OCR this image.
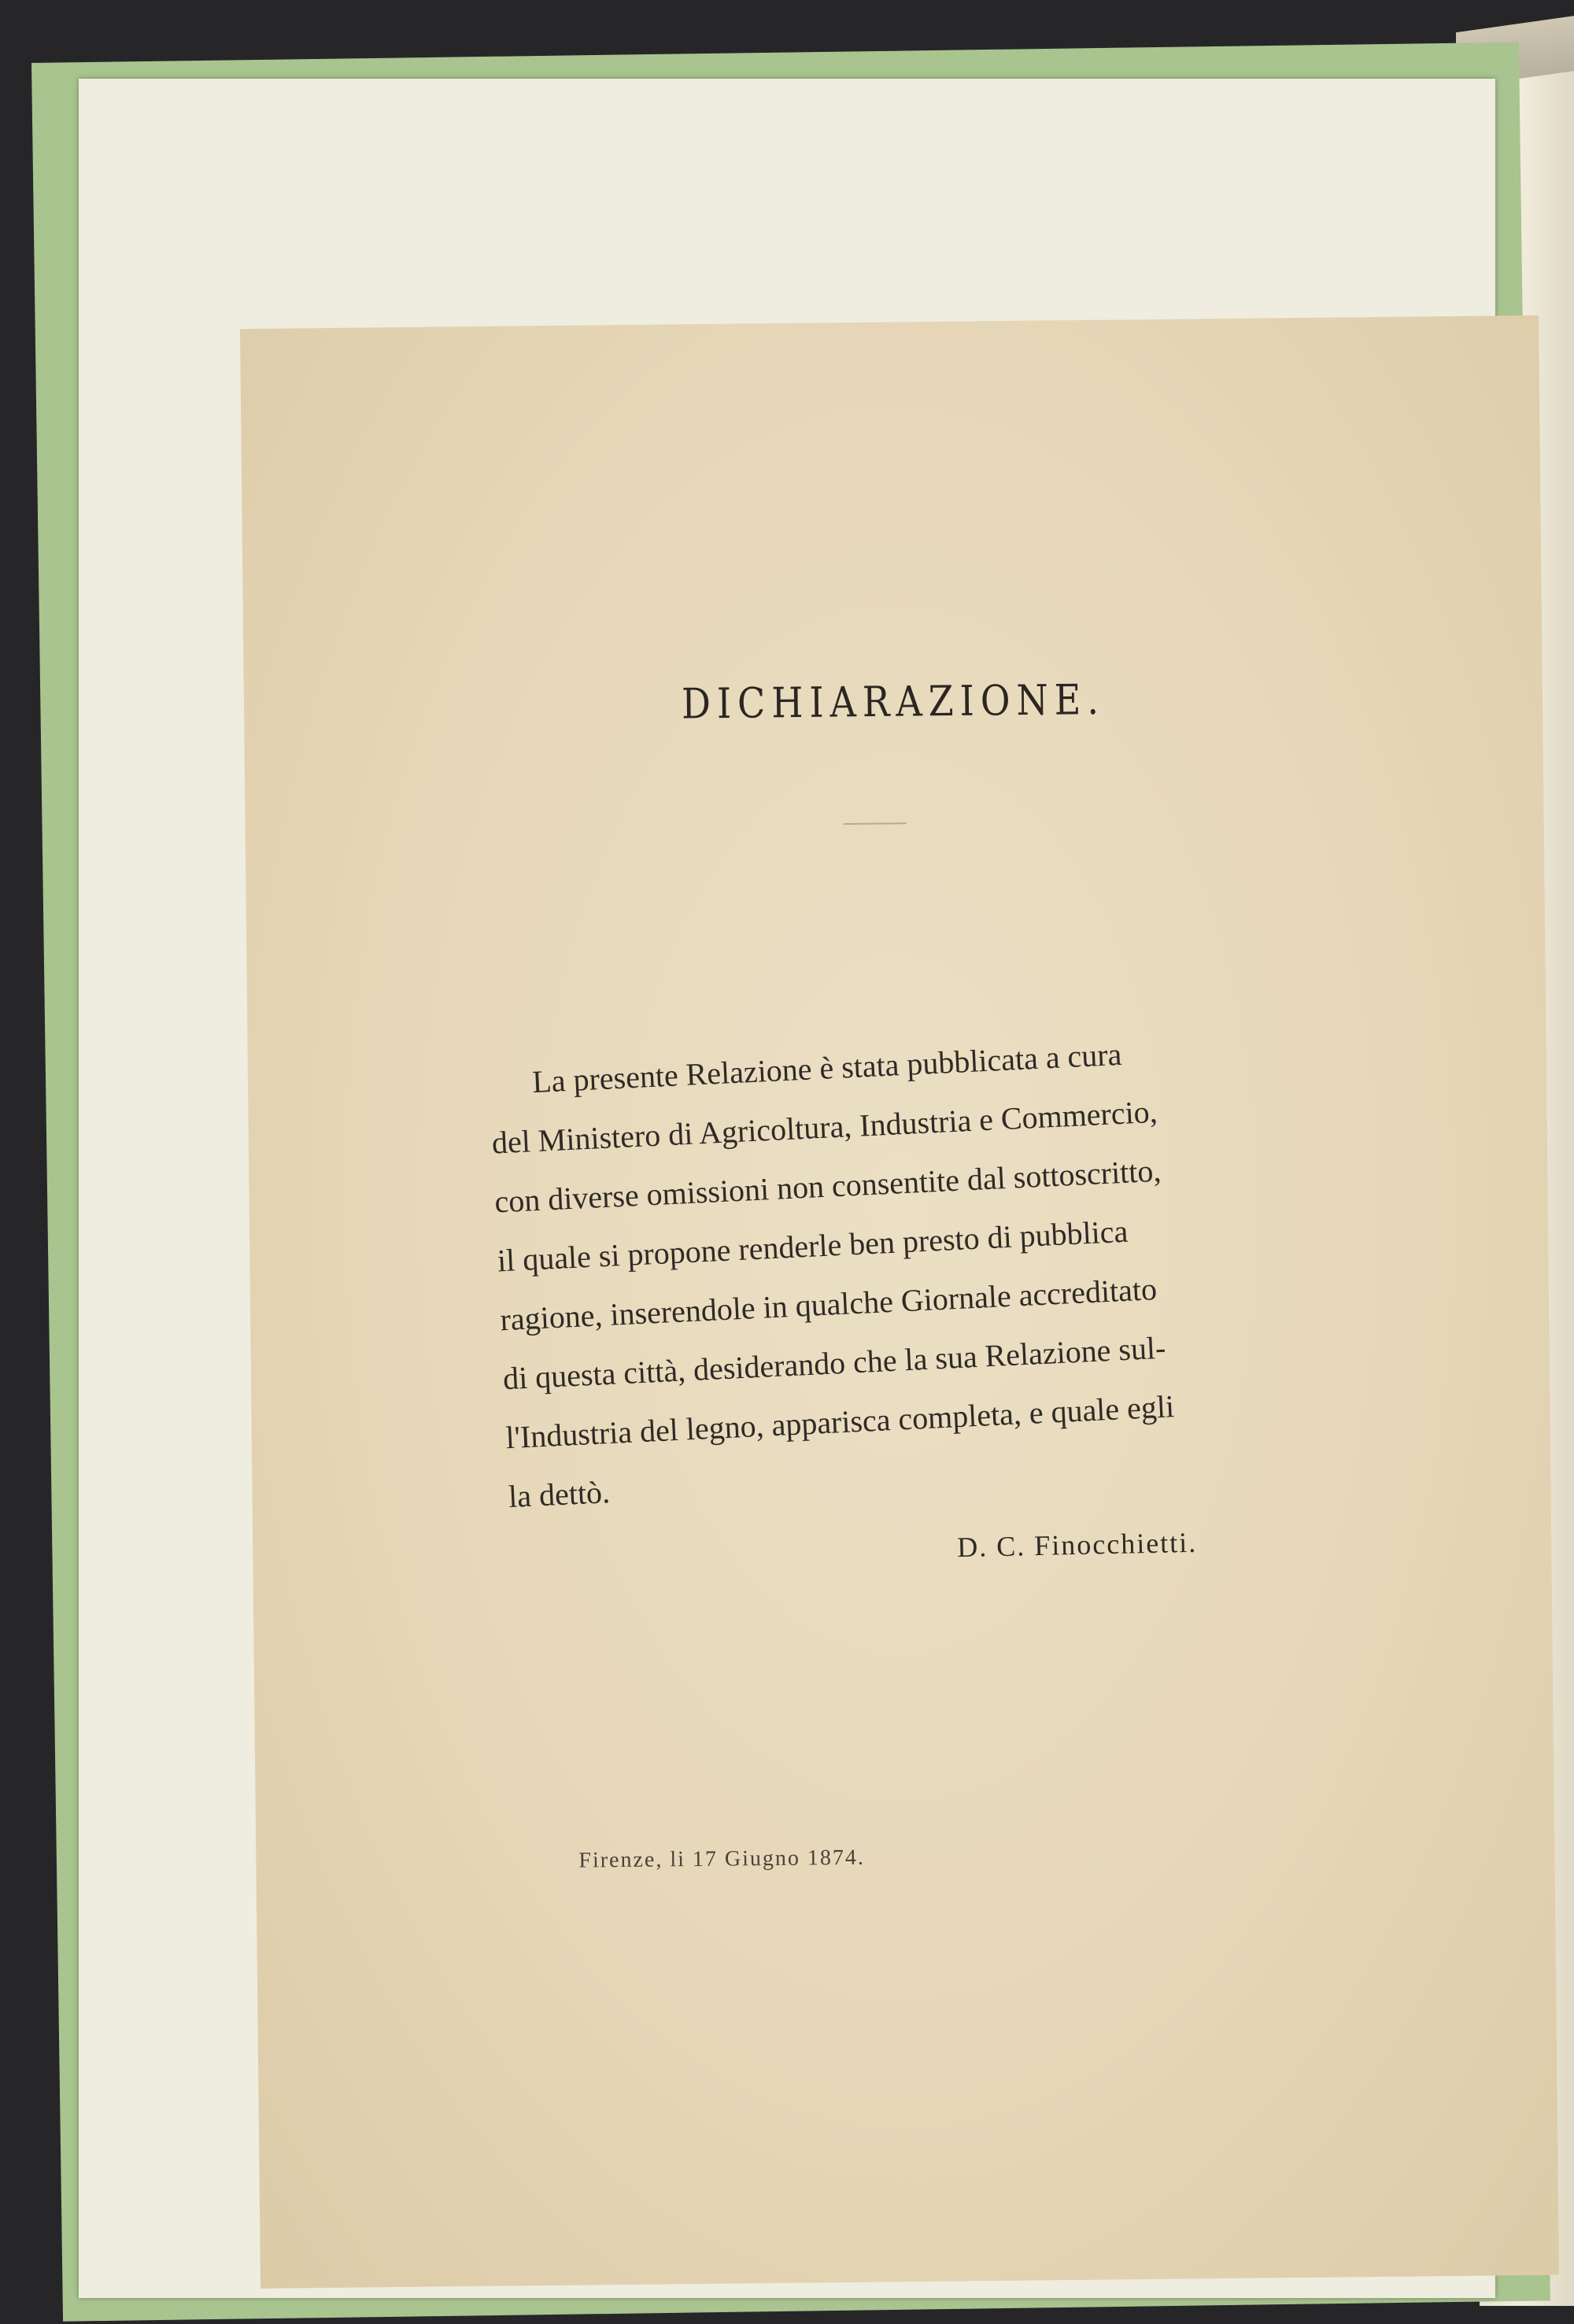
DICHIARAZIONE.
La presente Relazione è stata pubblicata a cura
del Ministero di Agricoltura, Industria e Commercio,
con diverse omissioni non consentite dal sottoscritto,
il quale si propone renderle ben presto di pubblica
ragione, inserendole in qualche Giornale accreditato
di questa città, desiderando che la sua Relazione sul-
l'Industria del legno, apparisca completa, e quale egli
la dettò.
D. C. Finocchietti.
Firenze, li 17 Giugno 1874.
